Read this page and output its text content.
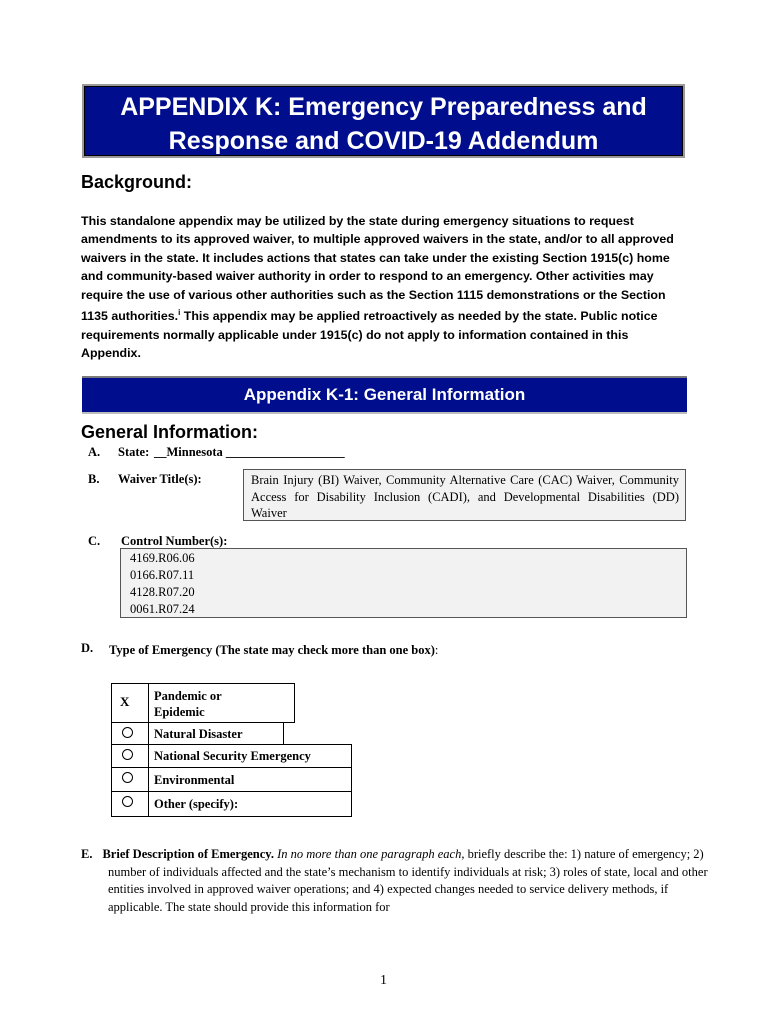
APPENDIX K: Emergency Preparedness and
Response and COVID-19 Addendum
Background:
This standalone appendix may be utilized by the state during emergency situations to request amendments to its approved waiver, to multiple approved waivers in the state, and/or to all approved waivers in the state. It includes actions that states can take under the existing Section 1915(c) home and community-based waiver authority in order to respond to an emergency. Other activities may require the use of various other authorities such as the Section 1115 demonstrations or the Section 1135 authorities.$^i$ This appendix may be applied retroactively as needed by the state. Public notice requirements normally applicable under 1915(c) do not apply to information contained in this Appendix.
Appendix K-1: General Information
General Information:
A. State: __Minnesota ___________________
B. Waiver Title(s):	Brain Injury (BI) Waiver, Community Alternative Care (CAC) Waiver, Community Access for Disability Inclusion (CADI), and Developmental Disabilities (DD) Waiver
C. Control Number(s):
4169.R06.06
0166.R07.11
4128.R07.20
0061.R07.24
D. Type of Emergency (The state may check more than one box):
X Pandemic or
Epidemic
Natural Disaster
National Security Emergency
Environmental
Other (specify):
E. Brief Description of Emergency. In no more than one paragraph each, briefly describe the: 1) nature of emergency; 2) number of individuals affected and the state’s mechanism to identify individuals at risk; 3) roles of state, local and other entities involved in approved waiver operations; and 4) expected changes needed to service delivery methods, if applicable. The state should provide this information for
1
